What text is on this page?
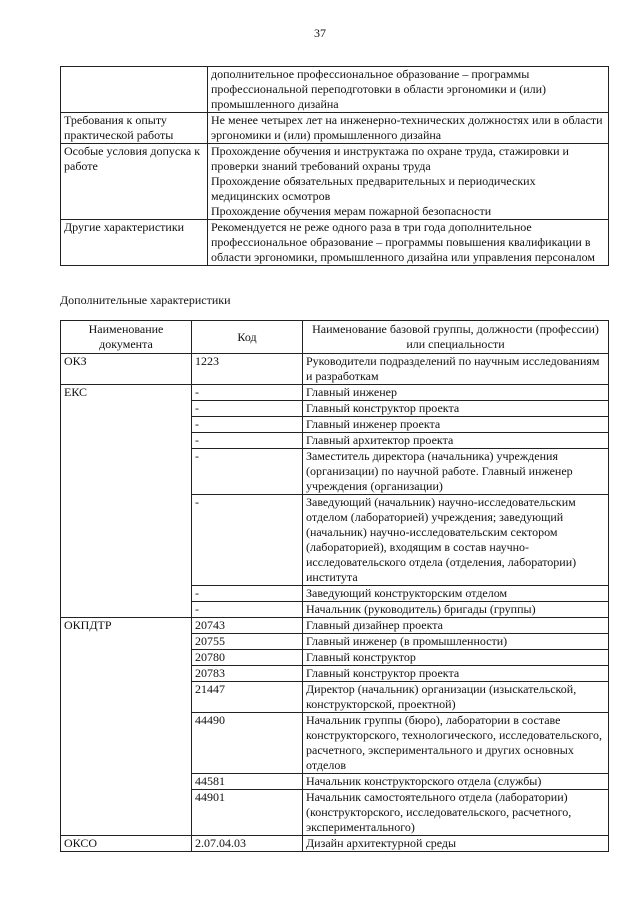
37

	дополнительное профессиональное образование – программы профессиональной переподготовки в области эргономики и (или) промышленного дизайна

Требования к опыту практической работы	Не менее четырех лет на инженерно-технических должностях или в области эргономики и (или) промышленного дизайна

Особые условия допуска к работе	Прохождение обучения и инструктажа по охране труда, стажировки и проверки знаний требований охраны труда
Прохождение обязательных предварительных и периодических медицинских осмотров
Прохождение обучения мерам пожарной безопасности

Другие характеристики	Рекомендуется не реже одного раза в три года дополнительное профессиональное образование – программы повышения квалификации в области эргономики, промышленного дизайна или управления персоналом
Дополнительные характеристики
Наименование документа	Код	Наименование базовой группы, должности (профессии) или специальности
ОКЗ	1223	Руководители подразделений по научным исследованиям и разработкам
ЕКС	-	Главный инженер
	-	Главный конструктор проекта
	-	Главный инженер проекта
	-	Главный архитектор проекта
	-	Заместитель директора (начальника) учреждения (организации) по научной работе. Главный инженер учреждения (организации)
	-	Заведующий (начальник) научно-исследовательским отделом (лабораторией) учреждения; заведующий (начальник) научно-исследовательским сектором (лабораторией), входящим в состав научно-исследовательского отдела (отделения, лаборатории) института
	-	Заведующий конструкторским отделом
	-	Начальник (руководитель) бригады (группы)
ОКПДТР	20743	Главный дизайнер проекта
	20755	Главный инженер (в промышленности)
	20780	Главный конструктор
	20783	Главный конструктор проекта
	21447	Директор (начальник) организации (изыскательской, конструкторской, проектной)
	44490	Начальник группы (бюро), лаборатории в составе конструкторского, технологического, исследовательского, расчетного, экспериментального и других основных отделов
	44581	Начальник конструкторского отдела (службы)
	44901	Начальник самостоятельного отдела (лаборатории) (конструкторского, исследовательского, расчетного, экспериментального)
ОКСО	2.07.04.03	Дизайн архитектурной среды
